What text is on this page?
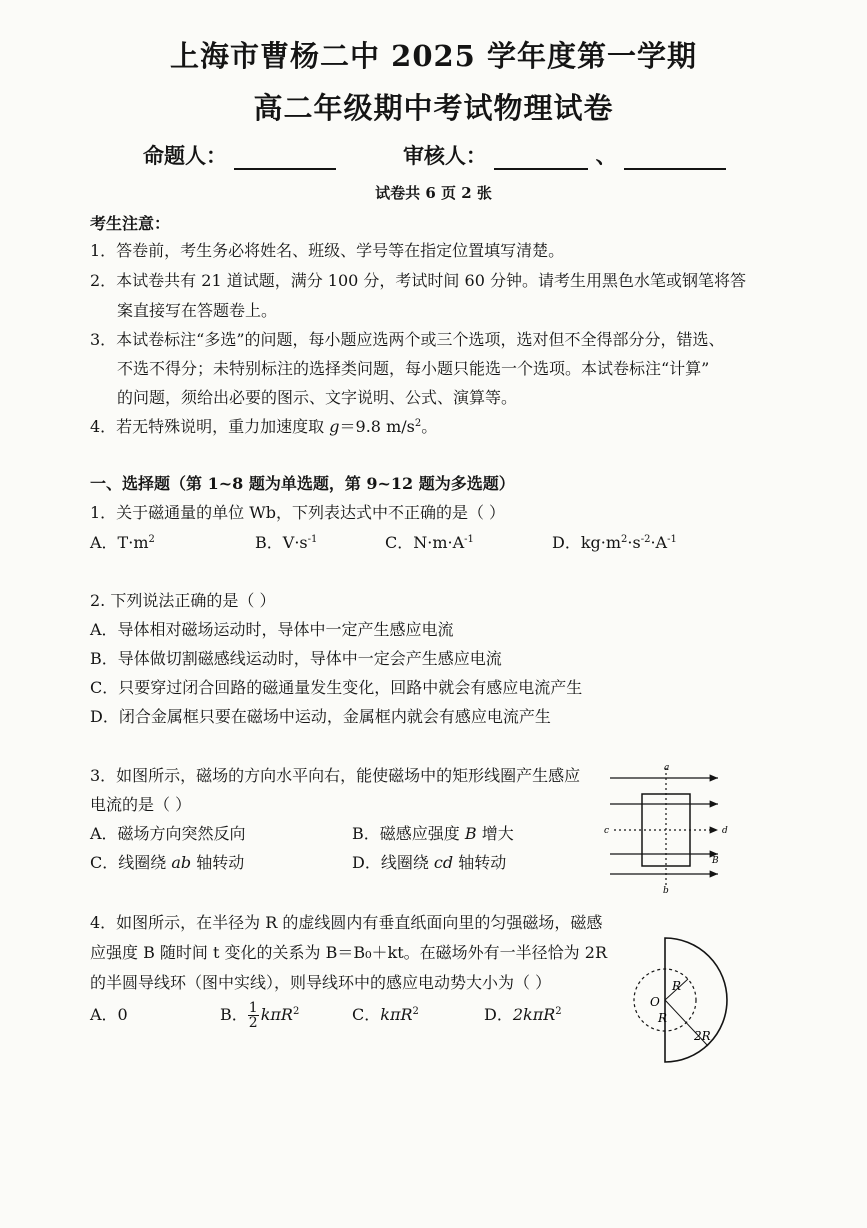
上海市曹杨二中 2025 学年度第一学期
高二年级期中考试物理试卷
命题人：	审核人：	、
试卷共 6 页 2 张
考生注意：
1．答卷前，考生务必将姓名、班级、学号等在指定位置填写清楚。
2．本试卷共有 21 道试题，满分 100 分，考试时间 60 分钟。请考生用黑色水笔或钢笔将答
案直接写在答题卷上。
3．本试卷标注“多选”的问题，每小题应选两个或三个选项，选对但不全得部分分，错选、
不选不得分；未特别标注的选择类问题，每小题只能选一个选项。本试卷标注“计算”
的问题，须给出必要的图示、文字说明、公式、演算等。
4．若无特殊说明，重力加速度取 g＝9.8 $m/s^2$。
一、选择题（第 1~8 题为单选题，第 9~12 题为多选题）
1．关于磁通量的单位 Wb，下列表达式中不正确的是（ ）
A．$T\cdot m^2$	B．$V\cdot s^{-1}$	C．$N\cdot m\cdot A^{-1}$	D．$kg\cdot m^2\cdot s^{-2}\cdot A^{-1}$
2. 下列说法正确的是（ ）
A．导体相对磁场运动时，导体中一定产生感应电流
B．导体做切割磁感线运动时，导体中一定会产生感应电流
C．只要穿过闭合回路的磁通量发生变化，回路中就会有感应电流产生
D．闭合金属框只要在磁场中运动，金属框内就会有感应电流产生
3．如图所示，磁场的方向水平向右，能使磁场中的矩形线圈产生感应
电流的是（ ）
A．磁场方向突然反向	B．磁感应强度 B 增大
C．线圈绕 ab 轴转动	D．线圈绕 cd 轴转动
a
b
c	d
B
4．如图所示，在半径为 R 的虚线圆内有垂直纸面向里的匀强磁场，磁感
应强度 B 随时间 t 变化的关系为 B＝B₀＋kt。在磁场外有一半径恰为 2R
的半圆导线环（图中实线），则导线环中的感应电动势大小为（ ）
A．0	B． $\frac{1}{2} k\pi R^2$	C．kπR$^2$	D．2kπR$^2$
O
R
R
2R
